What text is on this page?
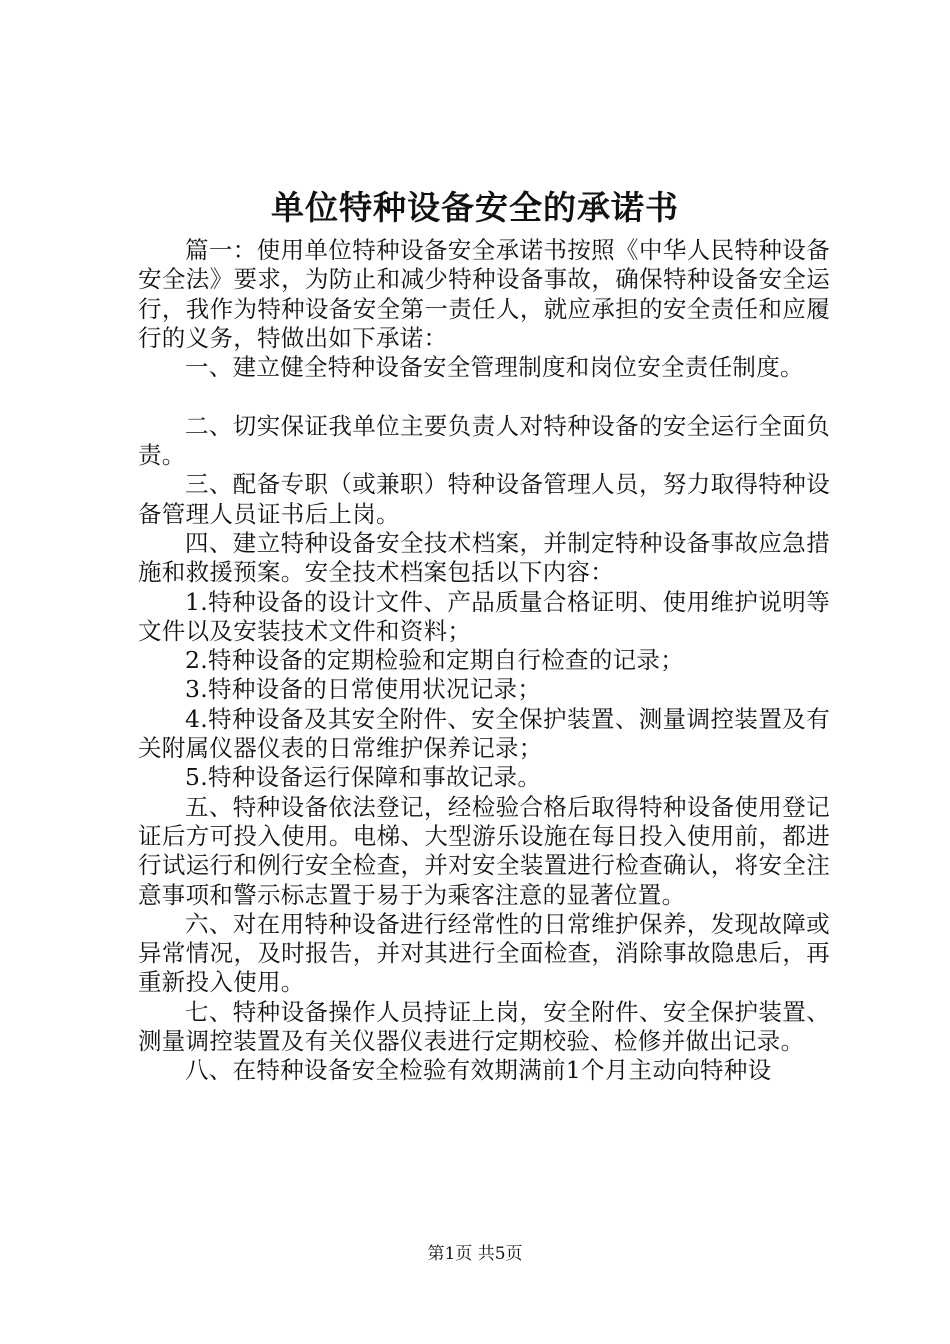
单位特种设备安全的承诺书

篇一：使用单位特种设备安全承诺书按照《中华人民特种设备安全法》要求，为防止和减少特种设备事故，确保特种设备安全运行，我作为特种设备安全第一责任人，就应承担的安全责任和应履行的义务，特做出如下承诺：

一、建立健全特种设备安全管理制度和岗位安全责任制度。

二、切实保证我单位主要负责人对特种设备的安全运行全面负责。

三、配备专职（或兼职）特种设备管理人员，努力取得特种设备管理人员证书后上岗。

四、建立特种设备安全技术档案，并制定特种设备事故应急措施和救援预案。安全技术档案包括以下内容：

1.特种设备的设计文件、产品质量合格证明、使用维护说明等文件以及安装技术文件和资料；

2.特种设备的定期检验和定期自行检查的记录；

3.特种设备的日常使用状况记录；

4.特种设备及其安全附件、安全保护装置、测量调控装置及有关附属仪器仪表的日常维护保养记录；

5.特种设备运行保障和事故记录。

五、特种设备依法登记，经检验合格后取得特种设备使用登记证后方可投入使用。电梯、大型游乐设施在每日投入使用前，都进行试运行和例行安全检查，并对安全装置进行检查确认，将安全注意事项和警示标志置于易于为乘客注意的显著位置。

六、对在用特种设备进行经常性的日常维护保养，发现故障或异常情况，及时报告，并对其进行全面检查，消除事故隐患后，再重新投入使用。

七、特种设备操作人员持证上岗，安全附件、安全保护装置、测量调控装置及有关仪器仪表进行定期校验、检修并做出记录。

八、在特种设备安全检验有效期满前1个月主动向特种设

第1页 共5页
